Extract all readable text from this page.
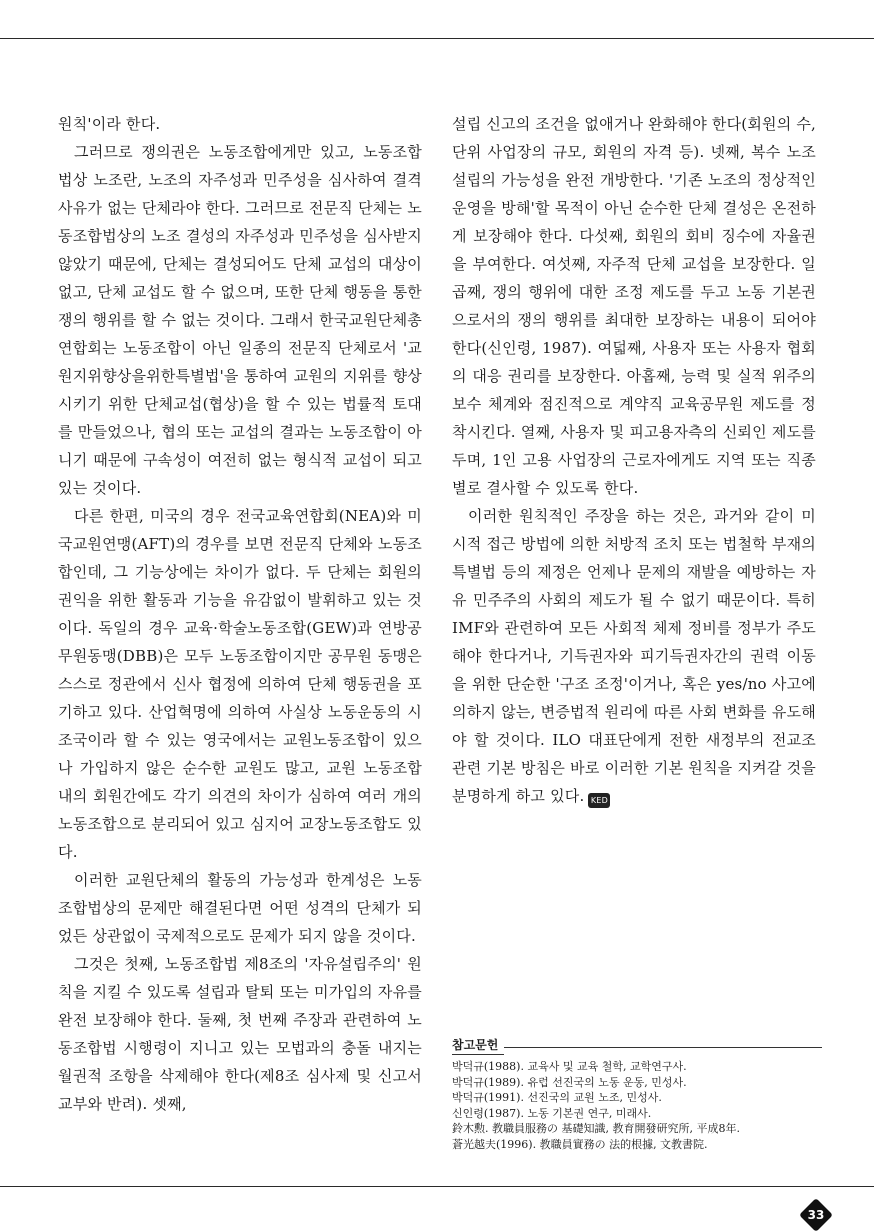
원칙'이라 한다.

그러므로 쟁의권은 노동조합에게만 있고, 노동조합법상 노조란, 노조의 자주성과 민주성을 심사하여 결격사유가 없는 단체라야 한다. 그러므로 전문직 단체는 노동조합법상의 노조 결성의 자주성과 민주성을 심사받지 않았기 때문에, 단체는 결성되어도 단체 교섭의 대상이 없고, 단체 교섭도 할 수 없으며, 또한 단체 행동을 통한 쟁의 행위를 할 수 없는 것이다. 그래서 한국교원단체총연합회는 노동조합이 아닌 일종의 전문직 단체로서 '교원지위향상을위한특별법'을 통하여 교원의 지위를 향상시키기 위한 단체교섭(협상)을 할 수 있는 법률적 토대를 만들었으나, 협의 또는 교섭의 결과는 노동조합이 아니기 때문에 구속성이 여전히 없는 형식적 교섭이 되고 있는 것이다.

다른 한편, 미국의 경우 전국교육연합회(NEA)와 미국교원연맹(AFT)의 경우를 보면 전문직 단체와 노동조합인데, 그 기능상에는 차이가 없다. 두 단체는 회원의 권익을 위한 활동과 기능을 유감없이 발휘하고 있는 것이다. 독일의 경우 교육·학술노동조합(GEW)과 연방공무원동맹(DBB)은 모두 노동조합이지만 공무원 동맹은 스스로 정관에서 신사 협정에 의하여 단체 행동권을 포기하고 있다. 산업혁명에 의하여 사실상 노동운동의 시조국이라 할 수 있는 영국에서는 교원노동조합이 있으나 가입하지 않은 순수한 교원도 많고, 교원 노동조합 내의 회원간에도 각기 의견의 차이가 심하여 여러 개의 노동조합으로 분리되어 있고 심지어 교장노동조합도 있다.

이러한 교원단체의 활동의 가능성과 한계성은 노동조합법상의 문제만 해결된다면 어떤 성격의 단체가 되었든 상관없이 국제적으로도 문제가 되지 않을 것이다.

그것은 첫째, 노동조합법 제8조의 '자유설립주의' 원칙을 지킬 수 있도록 설립과 탈퇴 또는 미가입의 자유를 완전 보장해야 한다. 둘째, 첫 번째 주장과 관련하여 노동조합법 시행령이 지니고 있는 모법과의 충돌 내지는 월권적 조항을 삭제해야 한다(제8조 심사제 및 신고서 교부와 반려). 셋째,

설립 신고의 조건을 없애거나 완화해야 한다(회원의 수, 단위 사업장의 규모, 회원의 자격 등). 넷째, 복수 노조 설립의 가능성을 완전 개방한다. '기존 노조의 정상적인 운영을 방해'할 목적이 아닌 순수한 단체 결성은 온전하게 보장해야 한다. 다섯째, 회원의 회비 징수에 자율권을 부여한다. 여섯째, 자주적 단체 교섭을 보장한다. 일곱째, 쟁의 행위에 대한 조정 제도를 두고 노동 기본권으로서의 쟁의 행위를 최대한 보장하는 내용이 되어야 한다(신인령, 1987). 여덟째, 사용자 또는 사용자 협회의 대응 권리를 보장한다. 아홉째, 능력 및 실적 위주의 보수 체계와 점진적으로 계약직 교육공무원 제도를 정착시킨다. 열째, 사용자 및 피고용자측의 신뢰인 제도를 두며, 1인 고용 사업장의 근로자에게도 지역 또는 직종별로 결사할 수 있도록 한다.

이러한 원칙적인 주장을 하는 것은, 과거와 같이 미시적 접근 방법에 의한 처방적 조치 또는 법철학 부재의 특별법 등의 제정은 언제나 문제의 재발을 예방하는 자유 민주주의 사회의 제도가 될 수 없기 때문이다. 특히 IMF와 관련하여 모든 사회적 체제 정비를 정부가 주도해야 한다거나, 기득권자와 피기득권자간의 권력 이동을 위한 단순한 '구조 조정'이거나, 혹은 yes/no 사고에 의하지 않는, 변증법적 원리에 따른 사회 변화를 유도해야 할 것이다. ILO 대표단에게 전한 새정부의 전교조 관련 기본 방침은 바로 이러한 기본 원칙을 지켜갈 것을 분명하게 하고 있다. KED

참고문헌
박덕규(1988). 교육사 및 교육 철학, 교학연구사.
박덕규(1989). 유럽 선진국의 노동 운동, 민성사.
박덕규(1991). 선진국의 교원 노조, 민성사.
신인령(1987). 노동 기본권 연구, 미래사.
鈴木勲. 教職員服務の 基礎知識, 教育開發研究所, 平成8年.
蒼光越夫(1996). 教職員實務の 法的根據, 文教書院.
33
